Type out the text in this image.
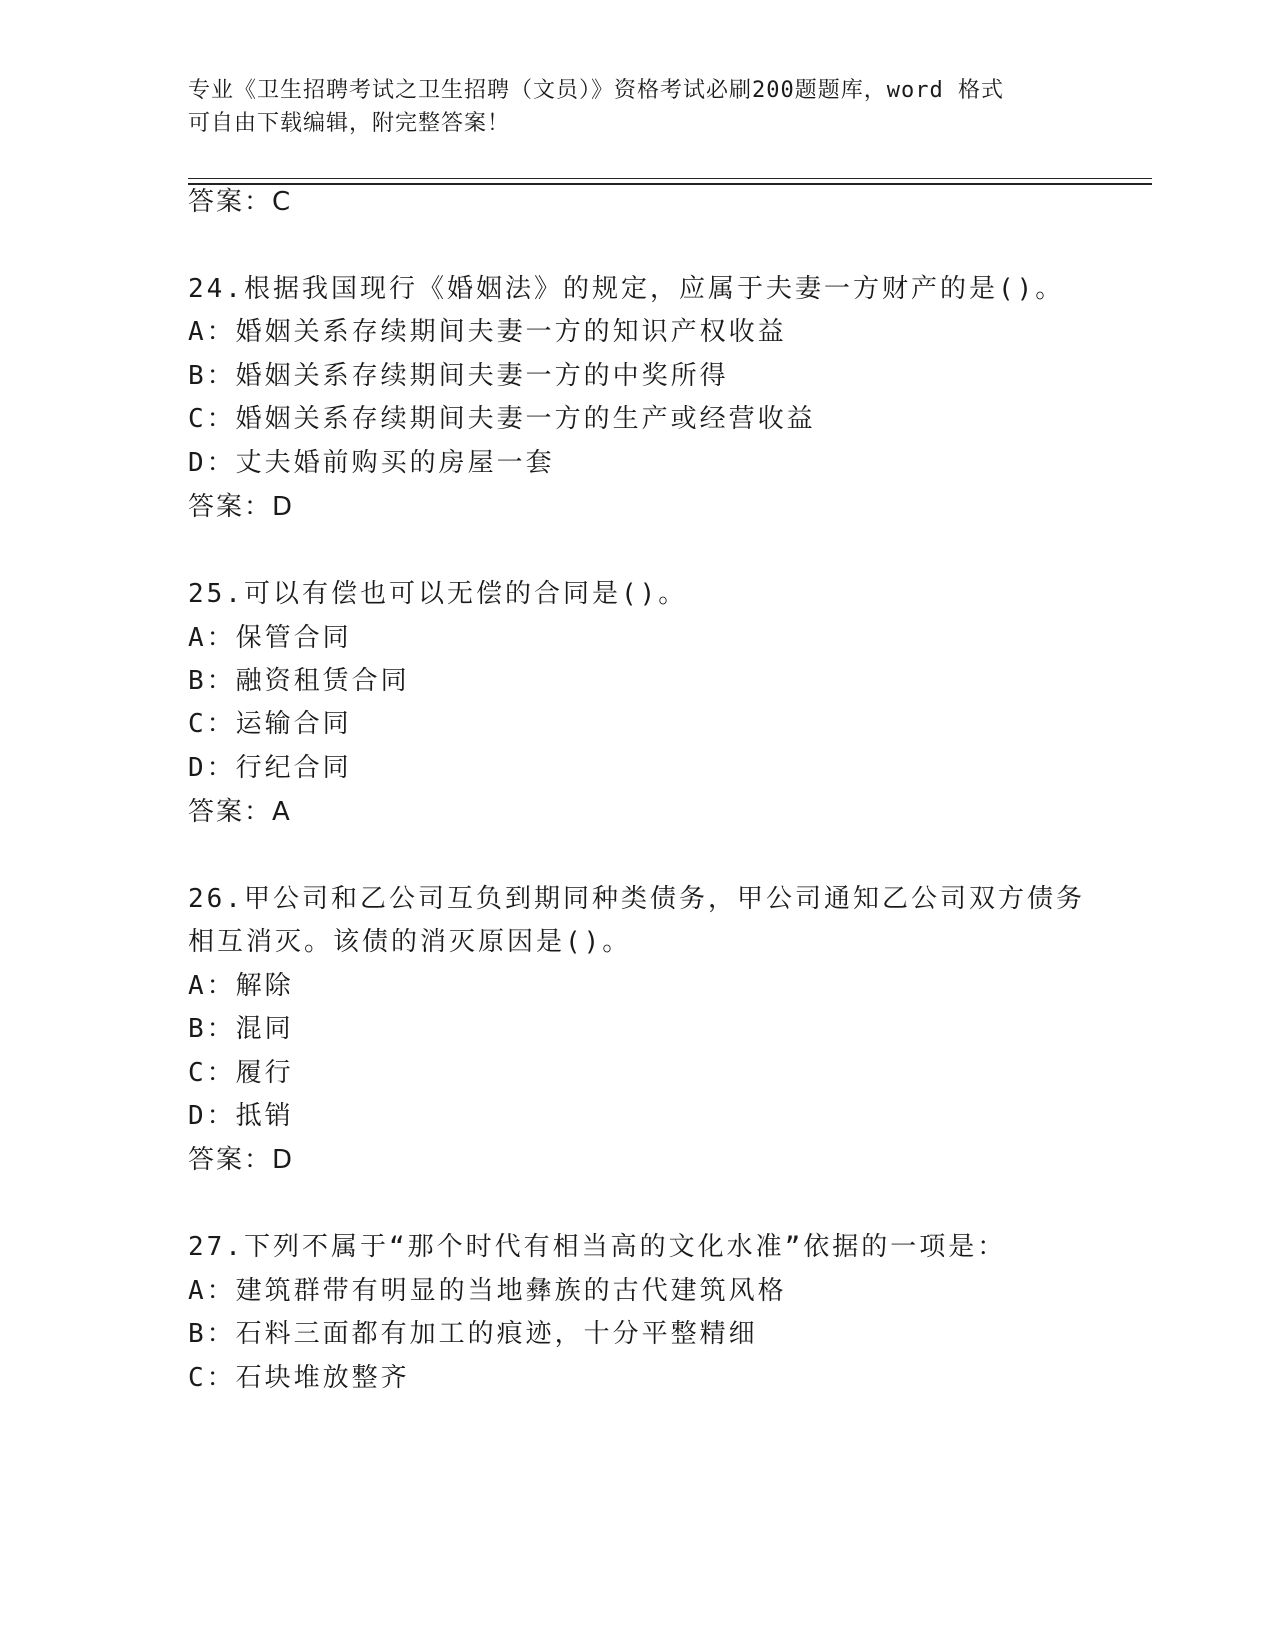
专业《卫生招聘考试之卫生招聘（文员）》资格考试必刷200题题库，word 格式
可自由下载编辑，附完整答案！
答案：C
24.根据我国现行《婚姻法》的规定，应属于夫妻一方财产的是()。
A：婚姻关系存续期间夫妻一方的知识产权收益
B：婚姻关系存续期间夫妻一方的中奖所得
C：婚姻关系存续期间夫妻一方的生产或经营收益
D：丈夫婚前购买的房屋一套
答案：D
25.可以有偿也可以无偿的合同是()。
A：保管合同
B：融资租赁合同
C：运输合同
D：行纪合同
答案：A
26.甲公司和乙公司互负到期同种类债务，甲公司通知乙公司双方债务
相互消灭。该债的消灭原因是()。
A：解除
B：混同
C：履行
D：抵销
答案：D
27.下列不属于“那个时代有相当高的文化水准”依据的一项是：
A：建筑群带有明显的当地彝族的古代建筑风格
B：石料三面都有加工的痕迹，十分平整精细
C：石块堆放整齐
